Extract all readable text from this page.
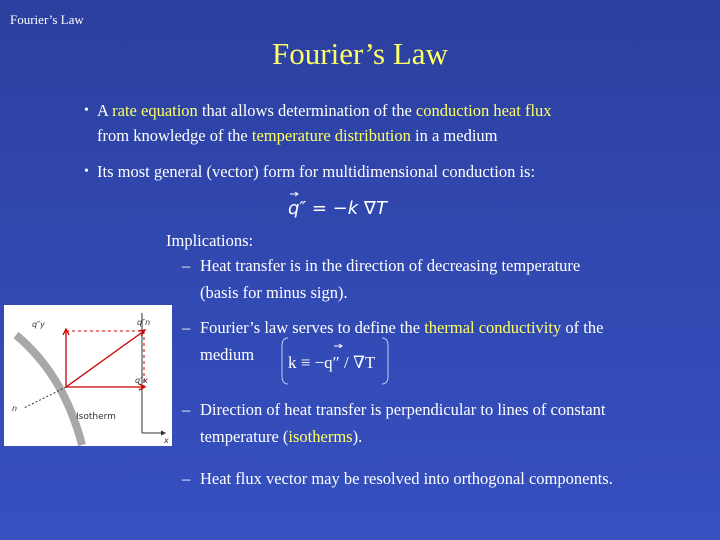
Fourier’s Law
Fourier’s Law
• A rate equation that allows determination of the conduction heat flux
from knowledge of the temperature distribution in a medium
• Its most general (vector) form for multidimensional conduction is:
q″ = −k ∇T
Implications:
– Heat transfer is in the direction of decreasing temperature
(basis for minus sign).
– Fourier’s law serves to define the thermal conductivity of the
medium	k ≡ −q″ / ∇T
– Direction of heat transfer is perpendicular to lines of constant
temperature (isotherms).
– Heat flux vector may be resolved into orthogonal components.
q″y	q″n
q″x
n
x
Isotherm
